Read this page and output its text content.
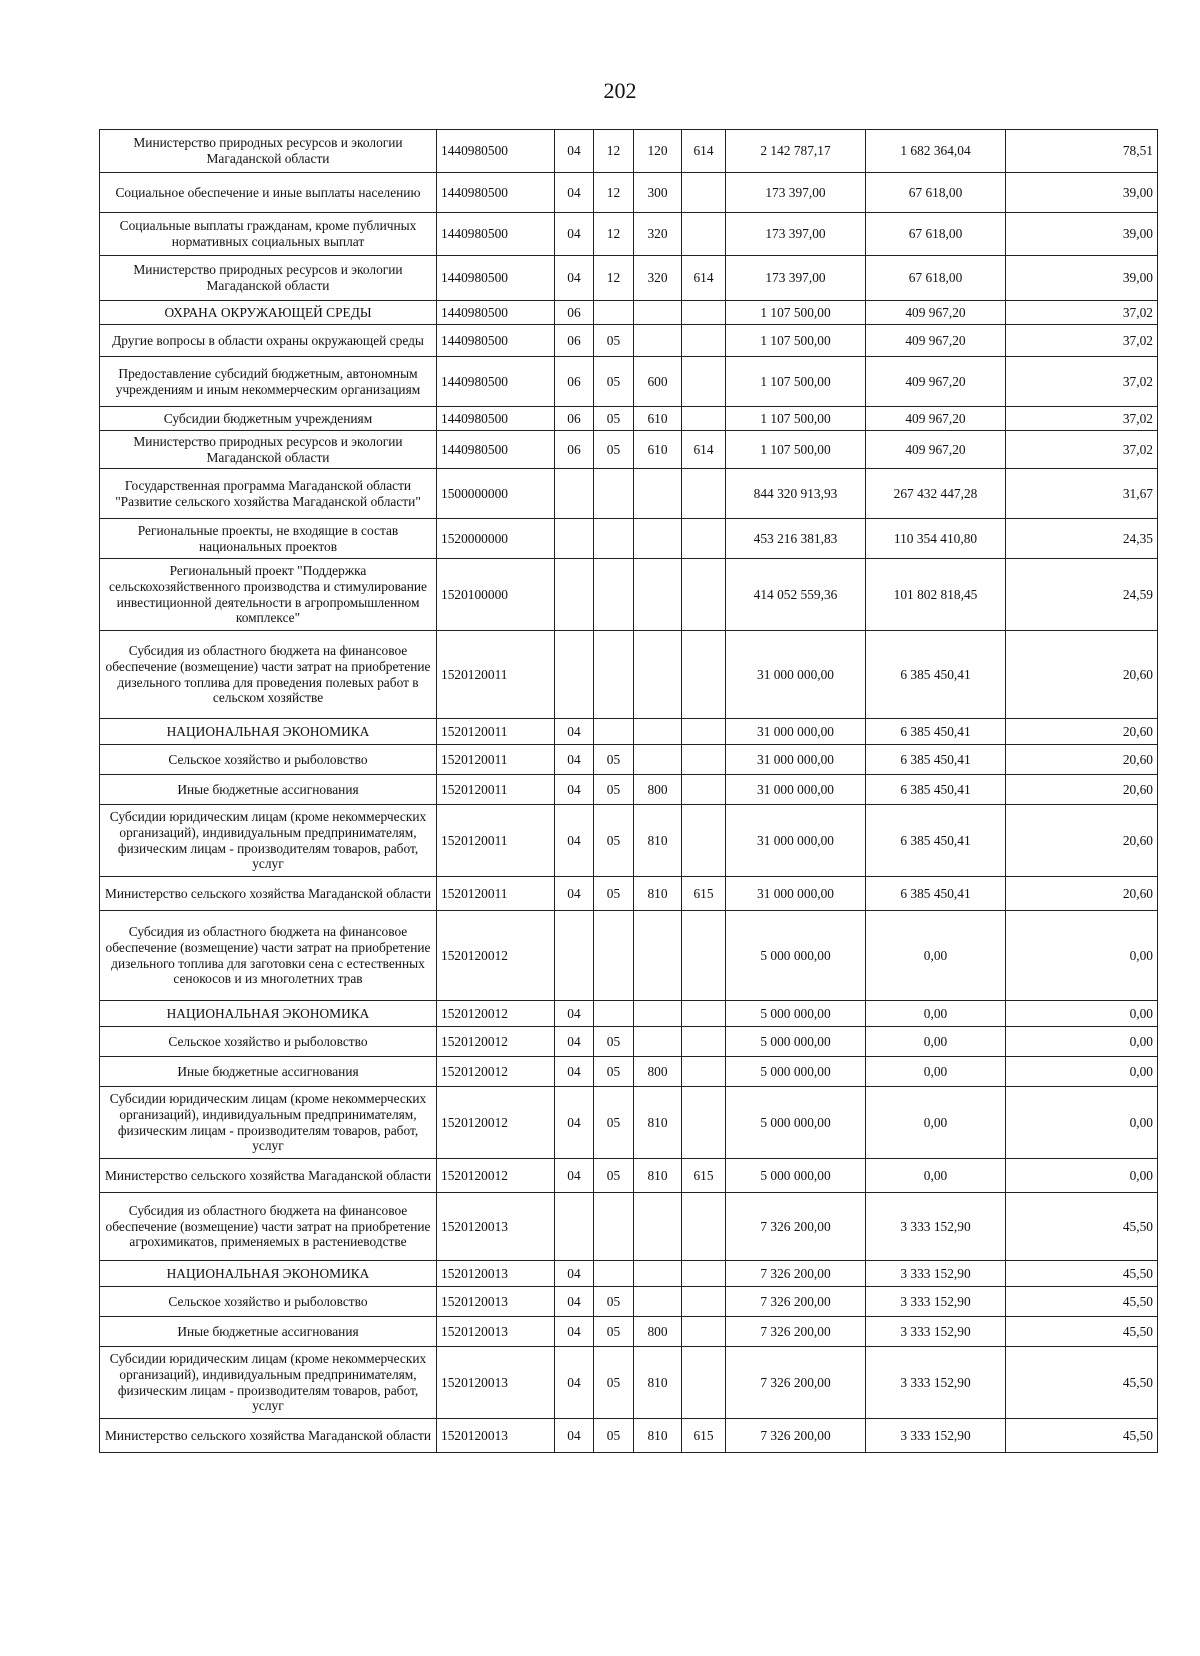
202
Министерство природных ресурсов и экологии Магаданской области	1440980500	04	12	120	614	2 142 787,17	1 682 364,04	78,51
Социальное обеспечение и иные выплаты населению	1440980500	04	12	300		173 397,00	67 618,00	39,00
Социальные выплаты гражданам, кроме публичных нормативных социальных выплат	1440980500	04	12	320		173 397,00	67 618,00	39,00
Министерство природных ресурсов и экологии Магаданской области	1440980500	04	12	320	614	173 397,00	67 618,00	39,00
ОХРАНА ОКРУЖАЮЩЕЙ СРЕДЫ	1440980500	06				1 107 500,00	409 967,20	37,02
Другие вопросы в области охраны окружающей среды	1440980500	06	05			1 107 500,00	409 967,20	37,02
Предоставление субсидий бюджетным, автономным учреждениям и иным некоммерческим организациям	1440980500	06	05	600		1 107 500,00	409 967,20	37,02
Субсидии бюджетным учреждениям	1440980500	06	05	610		1 107 500,00	409 967,20	37,02
Министерство природных ресурсов и экологии Магаданской области	1440980500	06	05	610	614	1 107 500,00	409 967,20	37,02
Государственная программа Магаданской области "Развитие сельского хозяйства Магаданской области"	1500000000					844 320 913,93	267 432 447,28	31,67
Региональные проекты, не входящие в состав национальных проектов	1520000000					453 216 381,83	110 354 410,80	24,35
Региональный проект "Поддержка сельскохозяйственного производства и стимулирование инвестиционной деятельности в агропромышленном комплексе"	1520100000					414 052 559,36	101 802 818,45	24,59
Субсидия из областного бюджета на финансовое обеспечение (возмещение) части затрат на приобретение дизельного топлива для проведения полевых работ в сельском хозяйстве	1520120011					31 000 000,00	6 385 450,41	20,60
НАЦИОНАЛЬНАЯ ЭКОНОМИКА	1520120011	04				31 000 000,00	6 385 450,41	20,60
Сельское хозяйство и рыболовство	1520120011	04	05			31 000 000,00	6 385 450,41	20,60
Иные бюджетные ассигнования	1520120011	04	05	800		31 000 000,00	6 385 450,41	20,60
Субсидии юридическим лицам (кроме некоммерческих организаций), индивидуальным предпринимателям, физическим лицам - производителям товаров, работ, услуг	1520120011	04	05	810		31 000 000,00	6 385 450,41	20,60
Министерство сельского хозяйства Магаданской области	1520120011	04	05	810	615	31 000 000,00	6 385 450,41	20,60
Субсидия из областного бюджета на финансовое обеспечение (возмещение) части затрат на приобретение дизельного топлива для заготовки сена с естественных сенокосов и из многолетних трав	1520120012					5 000 000,00	0,00	0,00
НАЦИОНАЛЬНАЯ ЭКОНОМИКА	1520120012	04				5 000 000,00	0,00	0,00
Сельское хозяйство и рыболовство	1520120012	04	05			5 000 000,00	0,00	0,00
Иные бюджетные ассигнования	1520120012	04	05	800		5 000 000,00	0,00	0,00
Субсидии юридическим лицам (кроме некоммерческих организаций), индивидуальным предпринимателям, физическим лицам - производителям товаров, работ, услуг	1520120012	04	05	810		5 000 000,00	0,00	0,00
Министерство сельского хозяйства Магаданской области	1520120012	04	05	810	615	5 000 000,00	0,00	0,00
Субсидия из областного бюджета на финансовое обеспечение (возмещение) части затрат на приобретение агрохимикатов, применяемых в растениеводстве	1520120013					7 326 200,00	3 333 152,90	45,50
НАЦИОНАЛЬНАЯ ЭКОНОМИКА	1520120013	04				7 326 200,00	3 333 152,90	45,50
Сельское хозяйство и рыболовство	1520120013	04	05			7 326 200,00	3 333 152,90	45,50
Иные бюджетные ассигнования	1520120013	04	05	800		7 326 200,00	3 333 152,90	45,50
Субсидии юридическим лицам (кроме некоммерческих организаций), индивидуальным предпринимателям, физическим лицам - производителям товаров, работ, услуг	1520120013	04	05	810		7 326 200,00	3 333 152,90	45,50
Министерство сельского хозяйства Магаданской области	1520120013	04	05	810	615	7 326 200,00	3 333 152,90	45,50
